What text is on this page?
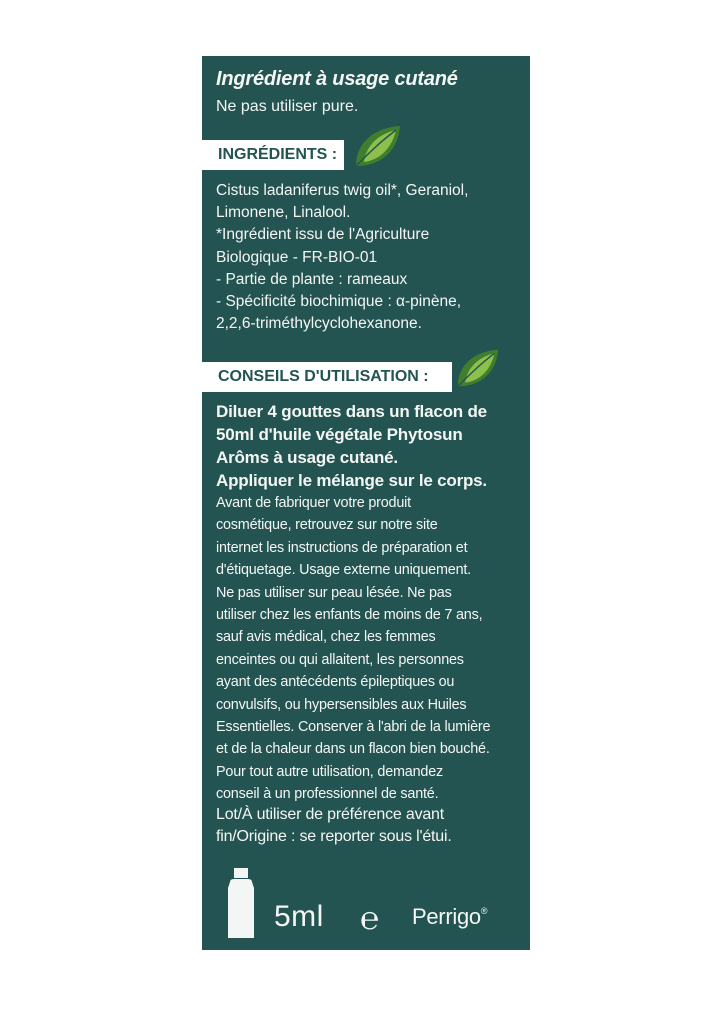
Ingrédient à usage cutané
Ne pas utiliser pure.
INGRÉDIENTS :
Cistus ladaniferus twig oil*, Geraniol,
Limonene, Linalool.
*Ingrédient issu de l'Agriculture
Biologique - FR-BIO-01
- Partie de plante : rameaux
- Spécificité biochimique : α-pinène,
2,2,6-triméthylcyclohexanone.
CONSEILS D'UTILISATION :
Diluer 4 gouttes dans un flacon de
50ml d'huile végétale Phytosun
Arôms à usage cutané.
Appliquer le mélange sur le corps.
Avant de fabriquer votre produit
cosmétique, retrouvez sur notre site
internet les instructions de préparation et
d'étiquetage. Usage externe uniquement.
Ne pas utiliser sur peau lésée. Ne pas
utiliser chez les enfants de moins de 7 ans,
sauf avis médical, chez les femmes
enceintes ou qui allaitent, les personnes
ayant des antécédents épileptiques ou
convulsifs, ou hypersensibles aux Huiles
Essentielles. Conserver à l'abri de la lumière
et de la chaleur dans un flacon bien bouché.
Pour tout autre utilisation, demandez
conseil à un professionnel de santé.
Lot/À utiliser de préférence avant
fin/Origine : se reporter sous l'étui.
5ml ℮ Perrigo®
